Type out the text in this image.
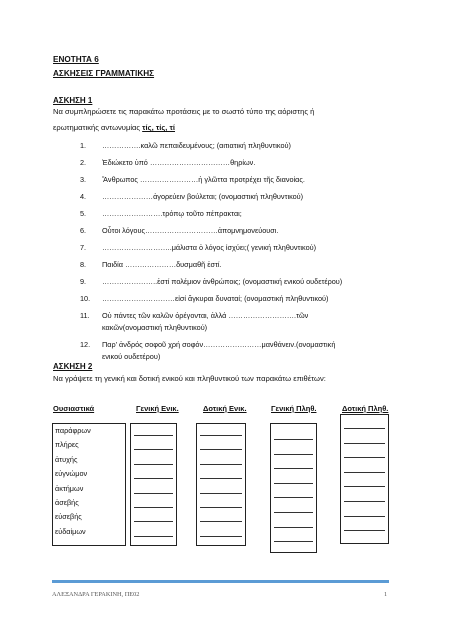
ΕΝΟΤΗΤΑ 6
ΑΣΚΗΣΕΙΣ ΓΡΑΜΜΑΤΙΚΗΣ
ΑΣΚΗΣΗ 1
Να συμπληρώσετε τις παρακάτω προτάσεις με το σωστό τύπο της αόριστης ή
ερωτηματικής αντωνυμίας τίς, τίς, τί
1.	…………….καλῶ πεπαιδευμένους; (αιτιατική πληθυντικού)
2.	Ἐδιώκετο ὑπό ……………………………θηρίων.
3.	Ἄνθρωπος ……………………ἡ γλῶττα προτρέχει τῆς διανοίας.
4.	…………………ἀγορεύειν βούλεται; (ονομαστική πληθυντικού)
5.	…………………….τρόπῳ τοῦτο πέπρακται;
6.	Οὗτοι λόγους…………………………ἀπομνημονεύουσι.
7.	………………………..μάλιστα ὁ λόγος ἰσχύει;( γενική πληθυντικού)
8.	Παιδία …………………δυσμαθῆ ἐστί.
9.	…………………..ἐστί πολέμιον ἀνθρώποις; (ονομαστική ενικού ουδετέρου)
10.	…………………………εἰσί ἄγκυραι δυναταί; (ονομαστική πληθυντικού)
11.	Οὐ πάντες τῶν καλῶν ὀρέγονται, ἀλλά ……………………….τῶν
κακῶν(ονομαστική πληθυντικού)
12.	Παρ’ ἀνδρός σοφοῦ χρή σοφόν……………………μανθάνειν.(ονομαστική
ενικού ουδετέρου)
ΑΣΚΗΣΗ 2
Να γράψετε τη γενική και δοτική ενικού και πληθυντικού των παρακάτω επιθέτων:
Ουσιαστικά	Γενική Ενικ.	Δοτική Ενικ.	Γενική Πληθ.	Δοτική Πληθ.
παράφρων
πλήρες
ἀτυχής
εὐγνώμον
ἀκτήμων
ἀσεβής
εὐσεβής
εὐδαίμων
ΑΛΕΞΑΝΔΡΑ ΓΕΡΑΚΙΝΗ, ΠΕ02	1
